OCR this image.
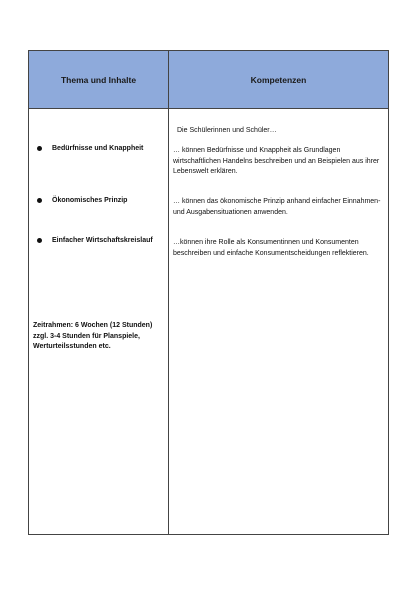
Thema und Inhalte	Kompetenzen
Bedürfnisse und Knappheit
Ökonomisches Prinzip
Einfacher Wirtschaftskreislauf
Zeitrahmen: 6 Wochen (12 Stunden) zzgl. 3-4 Stunden für Planspiele, Werturteilsstunden etc.
Die Schülerinnen und Schüler…
… können Bedürfnisse und Knappheit als Grundlagen wirtschaftlichen Handelns beschreiben und an Beispielen aus ihrer Lebenswelt erklären.
… können das ökonomische Prinzip anhand einfacher Einnahmen- und Ausgabensituationen anwenden.
…können ihre Rolle als Konsumentinnen und Konsumenten beschreiben und einfache Konsumentscheidungen reflektieren.
